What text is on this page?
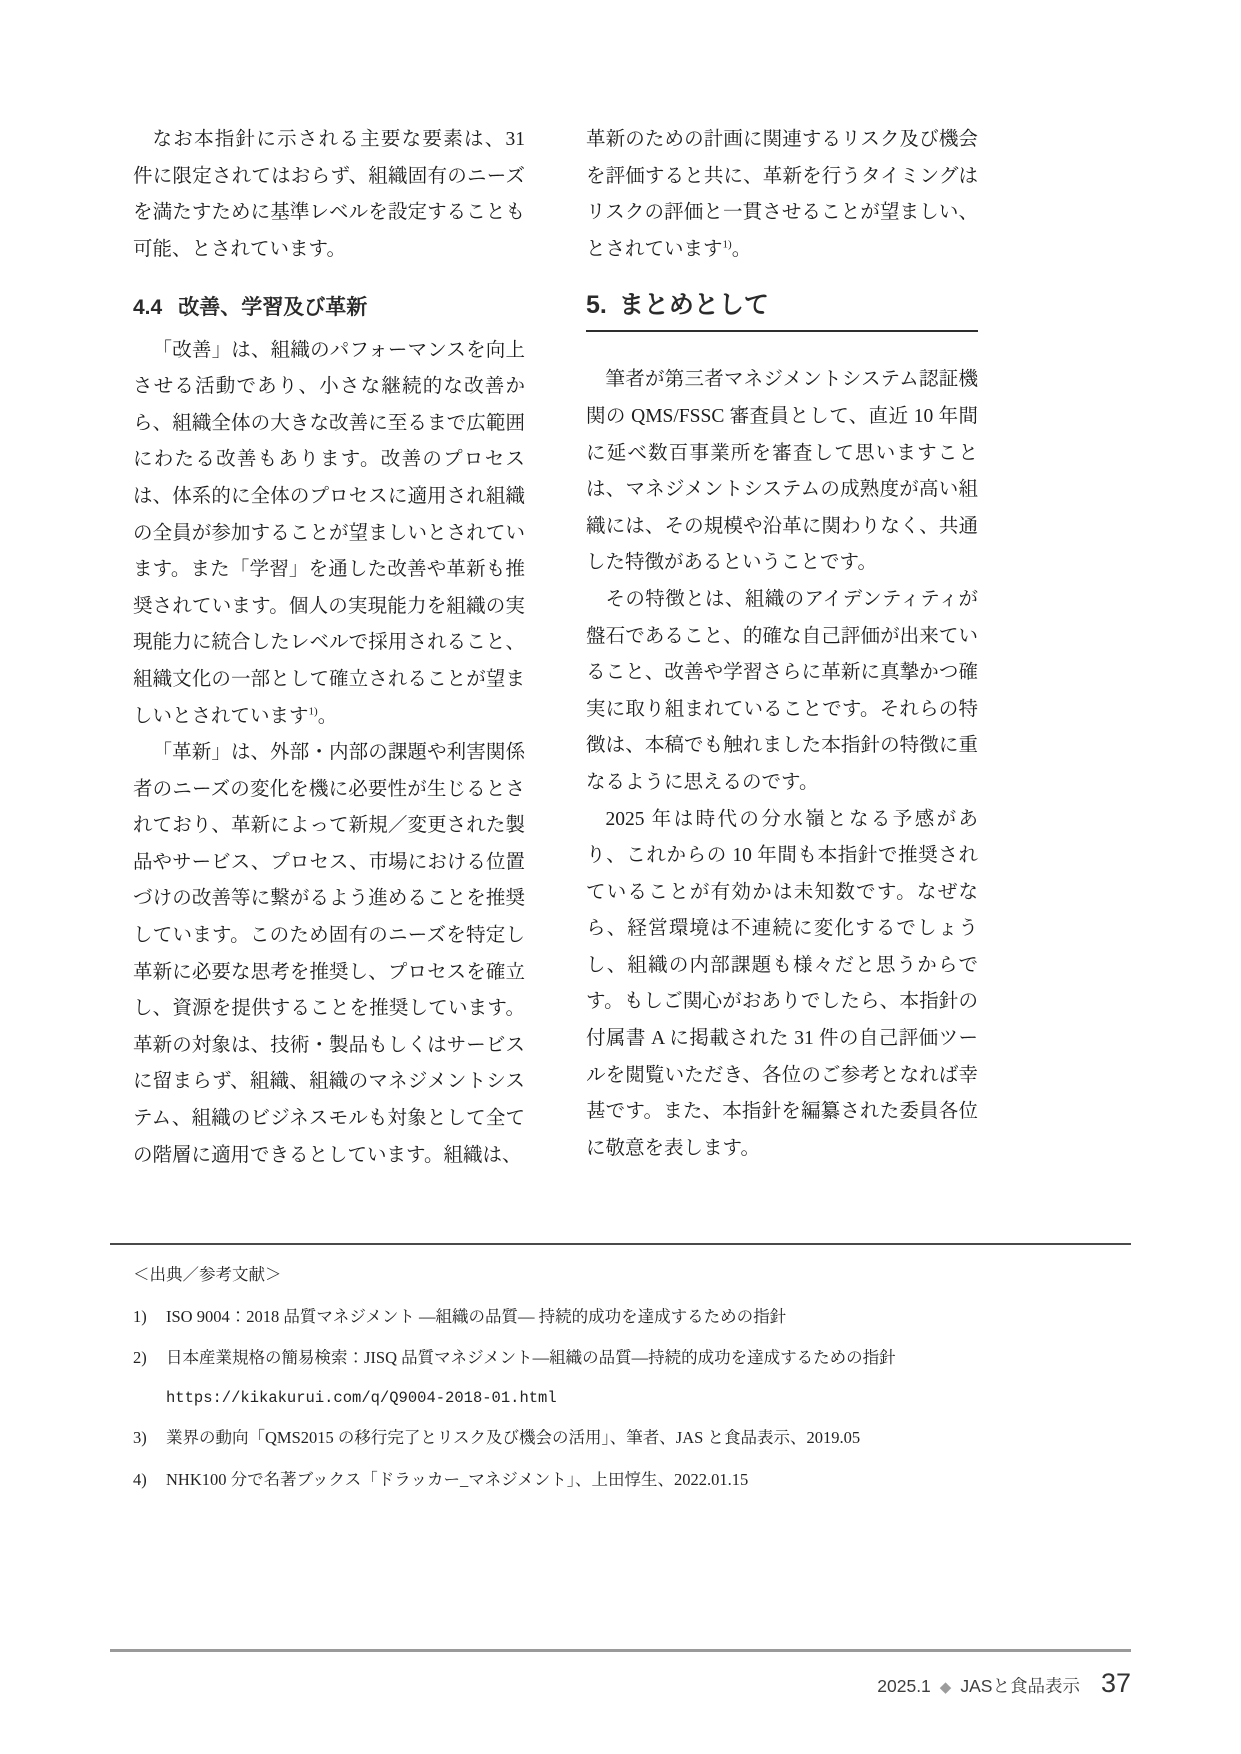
なお本指針に示される主要な要素は、31 件に限定されてはおらず、組織固有のニーズを満たすために基準レベルを設定することも可能、とされています。

4.4 改善、学習及び革新

「改善」は、組織のパフォーマンスを向上させる活動であり、小さな継続的な改善から、組織全体の大きな改善に至るまで広範囲にわたる改善もあります。改善のプロセスは、体系的に全体のプロセスに適用され組織の全員が参加することが望ましいとされています。また「学習」を通した改善や革新も推奨されています。個人の実現能力を組織の実現能力に統合したレベルで採用されること、組織文化の一部として確立されることが望ましいとされています$^{1)}$。

「革新」は、外部・内部の課題や利害関係者のニーズの変化を機に必要性が生じるとされており、革新によって新規／変更された製品やサービス、プロセス、市場における位置づけの改善等に繋がるよう進めることを推奨しています。このため固有のニーズを特定し革新に必要な思考を推奨し、プロセスを確立し、資源を提供することを推奨しています。革新の対象は、技術・製品もしくはサービスに留まらず、組織、組織のマネジメントシステム、組織のビジネスモルも対象として全ての階層に適用できるとしています。組織は、

革新のための計画に関連するリスク及び機会を評価すると共に、革新を行うタイミングはリスクの評価と一貫させることが望ましい、とされています$^{1)}$。

5. まとめとして

筆者が第三者マネジメントシステム認証機関の QMS/FSSC 審査員として、直近 10 年間に延べ数百事業所を審査して思いますことは、マネジメントシステムの成熟度が高い組織には、その規模や沿革に関わりなく、共通した特徴があるということです。

その特徴とは、組織のアイデンティティが盤石であること、的確な自己評価が出来ていること、改善や学習さらに革新に真摯かつ確実に取り組まれていることです。それらの特徴は、本稿でも触れました本指針の特徴に重なるように思えるのです。

2025 年は時代の分水嶺となる予感があり、これからの 10 年間も本指針で推奨されていることが有効かは未知数です。なぜなら、経営環境は不連続に変化するでしょうし、組織の内部課題も様々だと思うからです。もしご関心がおありでしたら、本指針の付属書 A に掲載された 31 件の自己評価ツールを閲覧いただき、各位のご参考となれば幸甚です。また、本指針を編纂された委員各位に敬意を表します。

＜出典／参考文献＞
1)	ISO 9004：2018 品質マネジメント ―組織の品質― 持続的成功を達成するための指針
2)	日本産業規格の簡易検索：JISQ 品質マネジメント―組織の品質―持続的成功を達成するための指針
https://kikakurui.com/q/Q9004-2018-01.html
3)	業界の動向「QMS2015 の移行完了とリスク及び機会の活用」、筆者、JAS と食品表示、2019.05
4)	NHK100 分で名著ブックス「ドラッカー_マネジメント」、上田惇生、2022.01.15
2025.1 ◆ JASと食品表示 37
